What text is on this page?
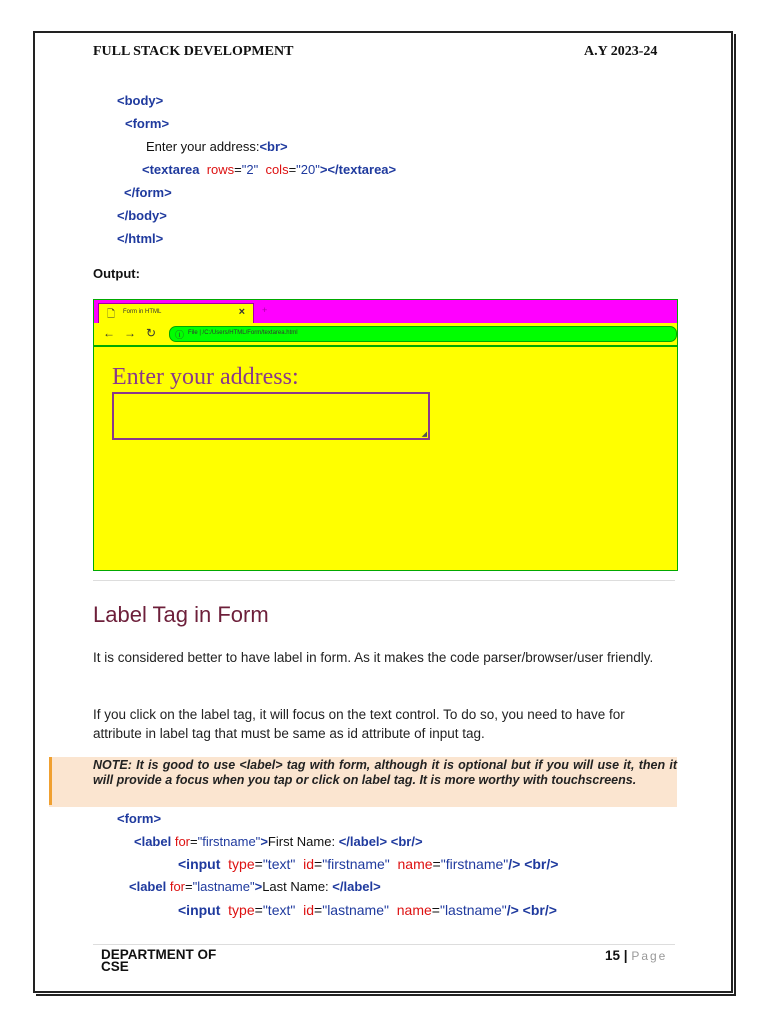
FULL STACK DEVELOPMENT	A.Y 2023-24
<body>
<form>
Enter your address:<br>
<textarea rows="2" cols="20"></textarea>
</form>
</body>
</html>
Output:
🗋 Form in HTML	× +
← → ↻ ⓘ File | /C:/Users/HTML/Form/textarea.html
Enter your address:
◢
Label Tag in Form
It is considered better to have label in form. As it makes the code parser/browser/user friendly.
If you click on the label tag, it will focus on the text control. To do so, you need to have for attribute in label tag that must be same as id attribute of input tag.
NOTE: It is good to use <label> tag with form, although it is optional but if you will use it, then it will provide a focus when you tap or click on label tag. It is more worthy with touchscreens.
<form>
<label for="firstname">First Name: </label> <br/>
<input type="text" id="firstname" name="firstname"/> <br/>
<label for="lastname">Last Name: </label>
<input type="text" id="lastname" name="lastname"/> <br/>
DEPARTMENT OF
CSE
15 | Page
